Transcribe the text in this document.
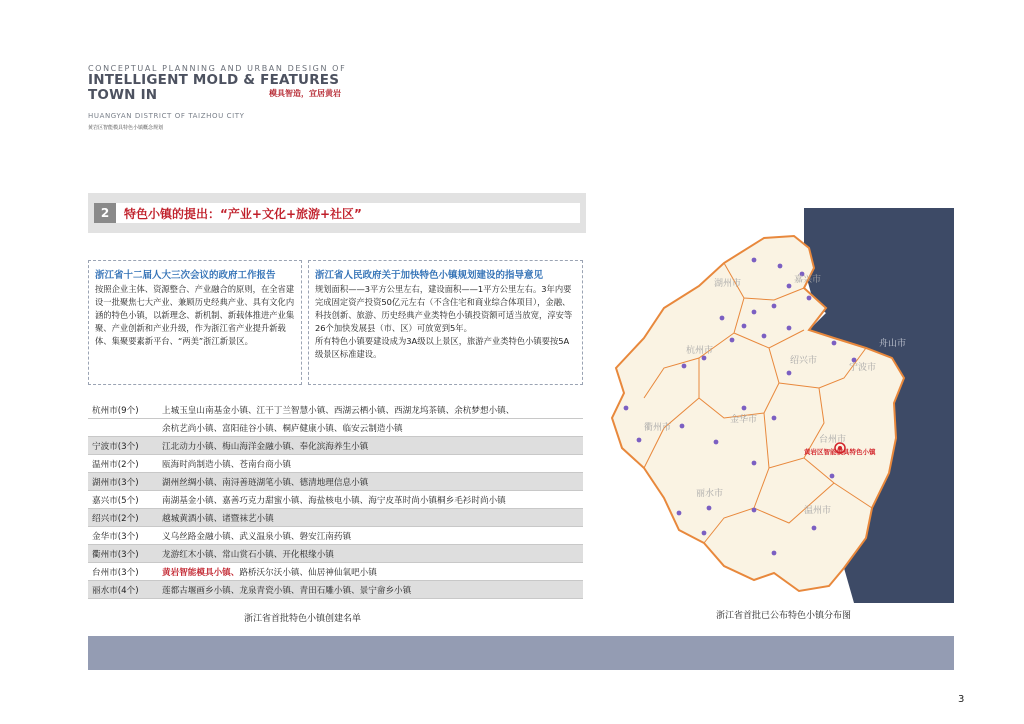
CONCEPTUAL PLANNING AND URBAN DESIGN OF
INTELLIGENT MOLD & FEATURES TOWN IN
HUANGYAN DISTRICT OF TAIZHOU CITY
模具智造，宜居黄岩
黄岩区智能模具特色小镇概念规划
2	特色小镇的提出：“产业+文化+旅游+社区”
浙江省十二届人大三次会议的政府工作报告
按照企业主体、资源整合、产业融合的原则，在全省建设一批聚焦七大产业、兼顾历史经典产业、具有文化内涵的特色小镇，以新理念、新机制、新载体推进产业集聚、产业创新和产业升级，作为浙江省产业提升新载体、集聚要素新平台、“两美”浙江新景区。
浙江省人民政府关于加快特色小镇规划建设的指导意见
规划面积——3平方公里左右，建设面积——1平方公里左右。3年内要完成固定资产投资50亿元左右（不含住宅和商业综合体项目），金融、科技创新、旅游、历史经典产业类特色小镇投资额可适当放宽，淳安等26个加快发展县（市、区）可放宽到5年。
所有特色小镇要建设成为3A级以上景区，旅游产业类特色小镇要按5A级景区标准建设。
杭州市(9个)	上城玉皇山南基金小镇、江干丁兰智慧小镇、西湖云栖小镇、西湖龙坞茶镇、余杭梦想小镇、
	余杭艺尚小镇、富阳硅谷小镇、桐庐健康小镇、临安云制造小镇
宁波市(3个)	江北动力小镇、梅山海洋金融小镇、奉化滨海养生小镇
温州市(2个)	瓯海时尚制造小镇、苍南台商小镇
湖州市(3个)	湖州丝绸小镇、南浔善琏湖笔小镇、德清地理信息小镇
嘉兴市(5个)	南湖基金小镇、嘉善巧克力甜蜜小镇、海盐核电小镇、海宁皮革时尚小镇桐乡毛衫时尚小镇
绍兴市(2个)	越城黄酒小镇、诸暨袜艺小镇
金华市(3个)	义乌丝路金融小镇、武义温泉小镇、磐安江南药镇
衢州市(3个)	龙游红木小镇、常山赏石小镇、开化根缘小镇
台州市(3个)	黄岩智能模具小镇、路桥沃尔沃小镇、仙居神仙氧吧小镇
丽水市(4个)	莲都古堰画乡小镇、龙泉青瓷小镇、青田石雕小镇、景宁畲乡小镇
浙江省首批特色小镇创建名单
湖州市	嘉兴市
杭州市
绍兴市
宁波市
舟山市
衢州市
金华市
台州市
丽水市
温州市
黄岩区智能模具特色小镇
浙江省首批已公布特色小镇分布图
3
